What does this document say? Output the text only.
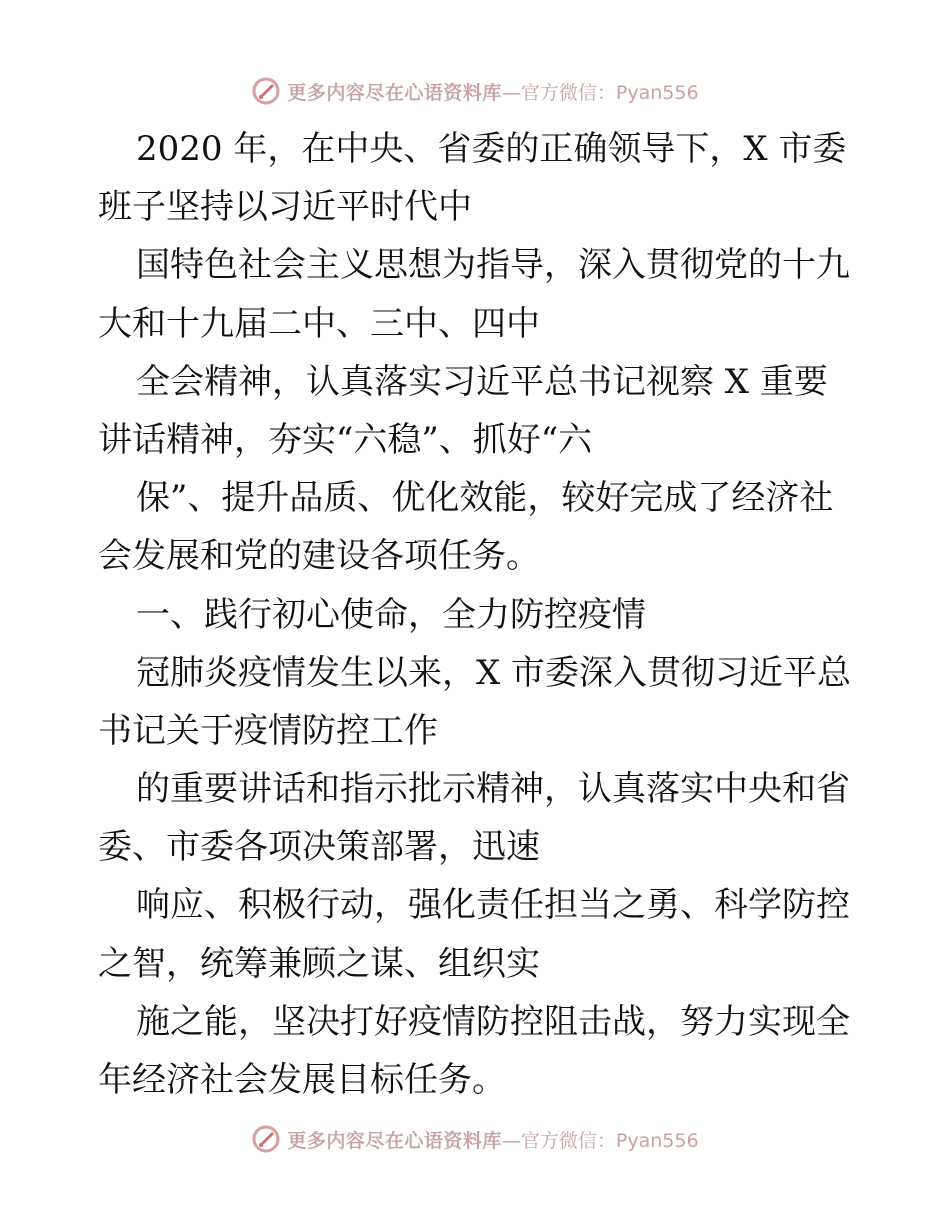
更多内容尽在心语资料库 —官方微信：Pyan556
2020 年，在中央、省委的正确领导下，X 市委
班子坚持以习近平时代中
国特色社会主义思想为指导，深入贯彻党的十九
大和十九届二中、三中、四中
全会精神，认真落实习近平总书记视察 X 重要
讲话精神，夯实“六稳”、抓好“六
保”、提升品质、优化效能，较好完成了经济社
会发展和党的建设各项任务。
一、践行初心使命，全力防控疫情
冠肺炎疫情发生以来，X 市委深入贯彻习近平总
书记关于疫情防控工作
的重要讲话和指示批示精神，认真落实中央和省
委、市委各项决策部署，迅速
响应、积极行动，强化责任担当之勇、科学防控
之智，统筹兼顾之谋、组织实
施之能，坚决打好疫情防控阻击战，努力实现全
年经济社会发展目标任务。
更多内容尽在心语资料库 —官方微信：Pyan556
